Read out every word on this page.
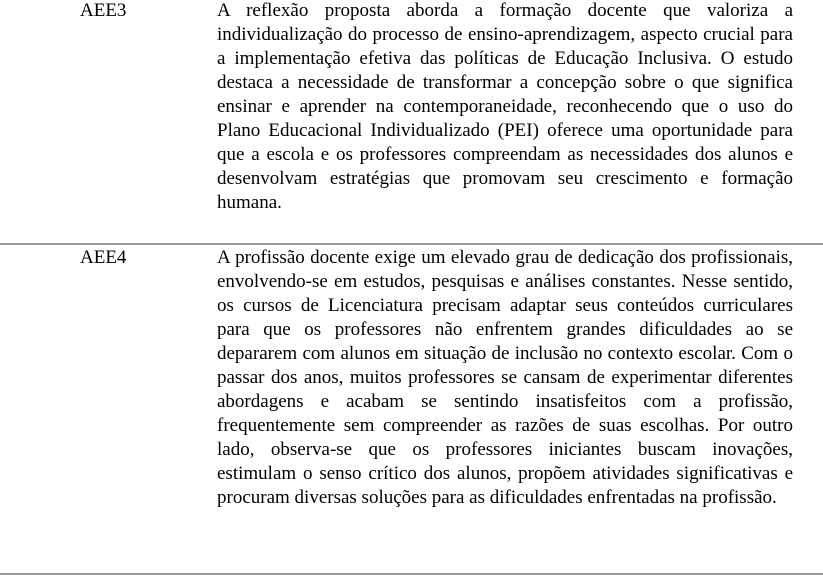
AEE3	A reflexão proposta aborda a formação docente que valoriza a individualização do processo de ensino-aprendizagem, aspecto crucial para a implementação efetiva das políticas de Educação Inclusiva. O estudo destaca a necessidade de transformar a concepção sobre o que significa ensinar e aprender na contemporaneidade, reconhecendo que o uso do Plano Educacional Individualizado (PEI) oferece uma oportunidade para que a escola e os professores compreendam as necessidades dos alunos e desenvolvam estratégias que promovam seu crescimento e formação humana.

AEE4	A profissão docente exige um elevado grau de dedicação dos profissionais, envolvendo-se em estudos, pesquisas e análises constantes. Nesse sentido, os cursos de Licenciatura precisam adaptar seus conteúdos curriculares para que os professores não enfrentem grandes dificuldades ao se depararem com alunos em situação de inclusão no contexto escolar. Com o passar dos anos, muitos professores se cansam de experimentar diferentes abordagens e acabam se sentindo insatisfeitos com a profissão, frequentemente sem compreender as razões de suas escolhas. Por outro lado, observa-se que os professores iniciantes buscam inovações, estimulam o senso crítico dos alunos, propõem atividades significativas e procuram diversas soluções para as dificuldades enfrentadas na profissão.
